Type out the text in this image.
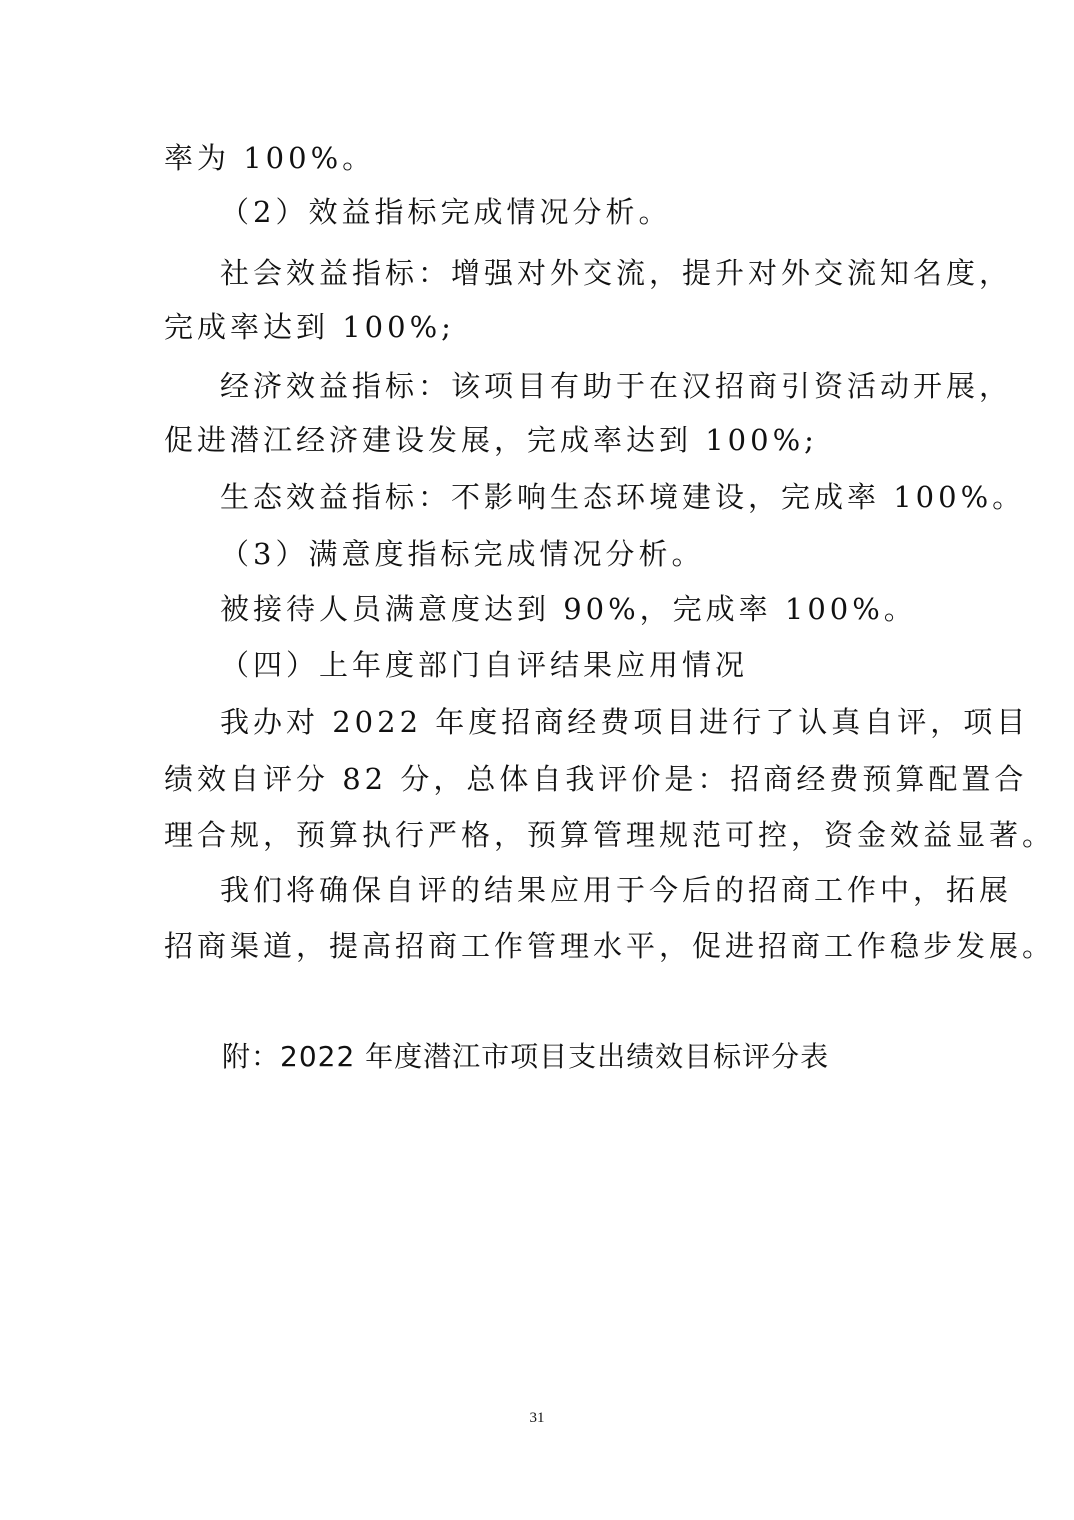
率为 100%。
（2）效益指标完成情况分析。
社会效益指标：增强对外交流，提升对外交流知名度，
完成率达到 100%;
经济效益指标：该项目有助于在汉招商引资活动开展，
促进潜江经济建设发展，完成率达到 100%;
生态效益指标：不影响生态环境建设，完成率 100%。
（3）满意度指标完成情况分析。
被接待人员满意度达到 90%，完成率 100%。
（四）上年度部门自评结果应用情况
我办对 2022 年度招商经费项目进行了认真自评，项目
绩效自评分 82 分，总体自我评价是：招商经费预算配置合
理合规，预算执行严格，预算管理规范可控，资金效益显著。
我们将确保自评的结果应用于今后的招商工作中，拓展
招商渠道，提高招商工作管理水平，促进招商工作稳步发展。
附：2022 年度潜江市项目支出绩效目标评分表
31
